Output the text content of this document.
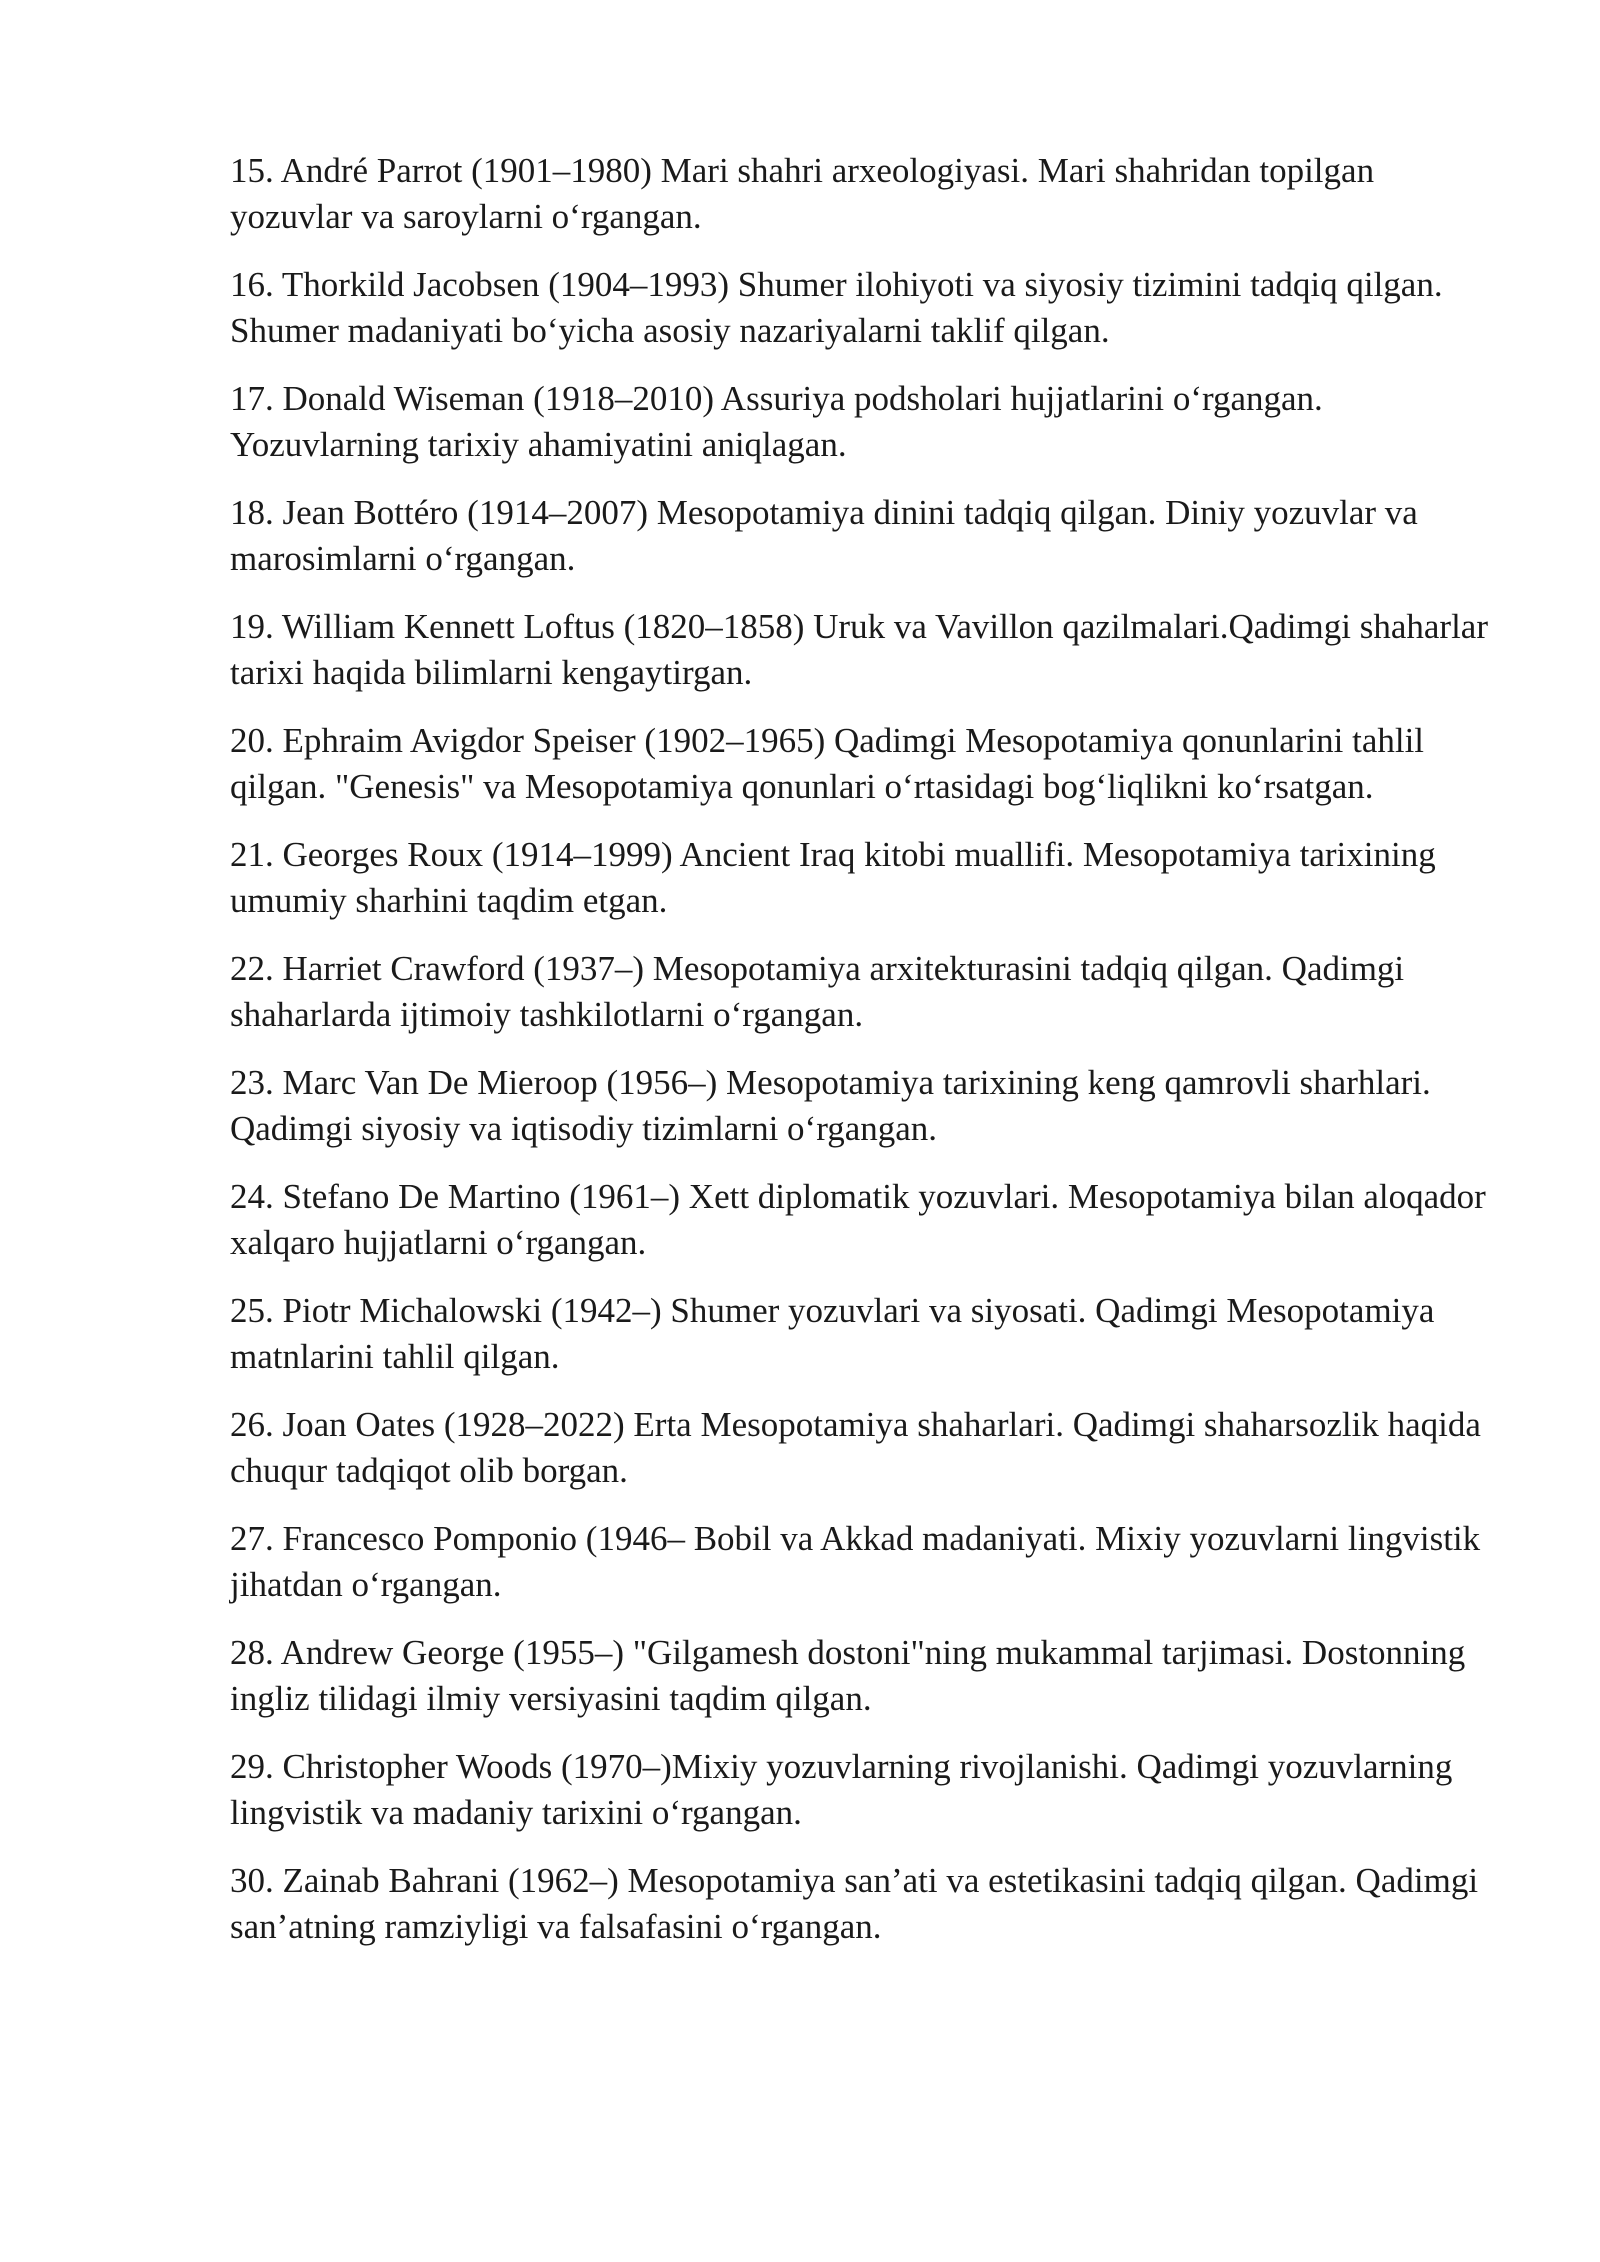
15. André Parrot (1901–1980) Mari shahri arxeologiyasi. Mari shahridan topilgan yozuvlar va saroylarni o‘rgangan.
16. Thorkild Jacobsen (1904–1993) Shumer ilohiyoti va siyosiy tizimini tadqiq qilgan. Shumer madaniyati bo‘yicha asosiy nazariyalarni taklif qilgan.
17. Donald Wiseman (1918–2010) Assuriya podsholari hujjatlarini o‘rgangan. Yozuvlarning tarixiy ahamiyatini aniqlagan.
18. Jean Bottéro (1914–2007) Mesopotamiya dinini tadqiq qilgan. Diniy yozuvlar va marosimlarni o‘rgangan.
19. William Kennett Loftus (1820–1858) Uruk va Vavillon qazilmalari.Qadimgi shaharlar tarixi haqida bilimlarni kengaytirgan.
20. Ephraim Avigdor Speiser (1902–1965) Qadimgi Mesopotamiya qonunlarini tahlil qilgan. "Genesis" va Mesopotamiya qonunlari o‘rtasidagi bog‘liqlikni ko‘rsatgan.
21. Georges Roux (1914–1999) Ancient Iraq kitobi muallifi. Mesopotamiya tarixining umumiy sharhini taqdim etgan.
22. Harriet Crawford (1937–) Mesopotamiya arxitekturasini tadqiq qilgan. Qadimgi shaharlarda ijtimoiy tashkilotlarni o‘rgangan.
23. Marc Van De Mieroop (1956–) Mesopotamiya tarixining keng qamrovli sharhlari. Qadimgi siyosiy va iqtisodiy tizimlarni o‘rgangan.
24. Stefano De Martino (1961–) Xett diplomatik yozuvlari. Mesopotamiya bilan aloqador xalqaro hujjatlarni o‘rgangan.
25. Piotr Michalowski (1942–) Shumer yozuvlari va siyosati. Qadimgi Mesopotamiya matnlarini tahlil qilgan.
26. Joan Oates (1928–2022) Erta Mesopotamiya shaharlari. Qadimgi shaharsozlik haqida chuqur tadqiqot olib borgan.
27. Francesco Pomponio (1946– Bobil va Akkad madaniyati. Mixiy yozuvlarni lingvistik jihatdan o‘rgangan.
28. Andrew George (1955–) "Gilgamesh dostoni"ning mukammal tarjimasi. Dostonning ingliz tilidagi ilmiy versiyasini taqdim qilgan.
29. Christopher Woods (1970–)Mixiy yozuvlarning rivojlanishi. Qadimgi yozuvlarning lingvistik va madaniy tarixini o‘rgangan.
30. Zainab Bahrani (1962–) Mesopotamiya san’ati va estetikasini tadqiq qilgan. Qadimgi san’atning ramziyligi va falsafasini o‘rgangan.
